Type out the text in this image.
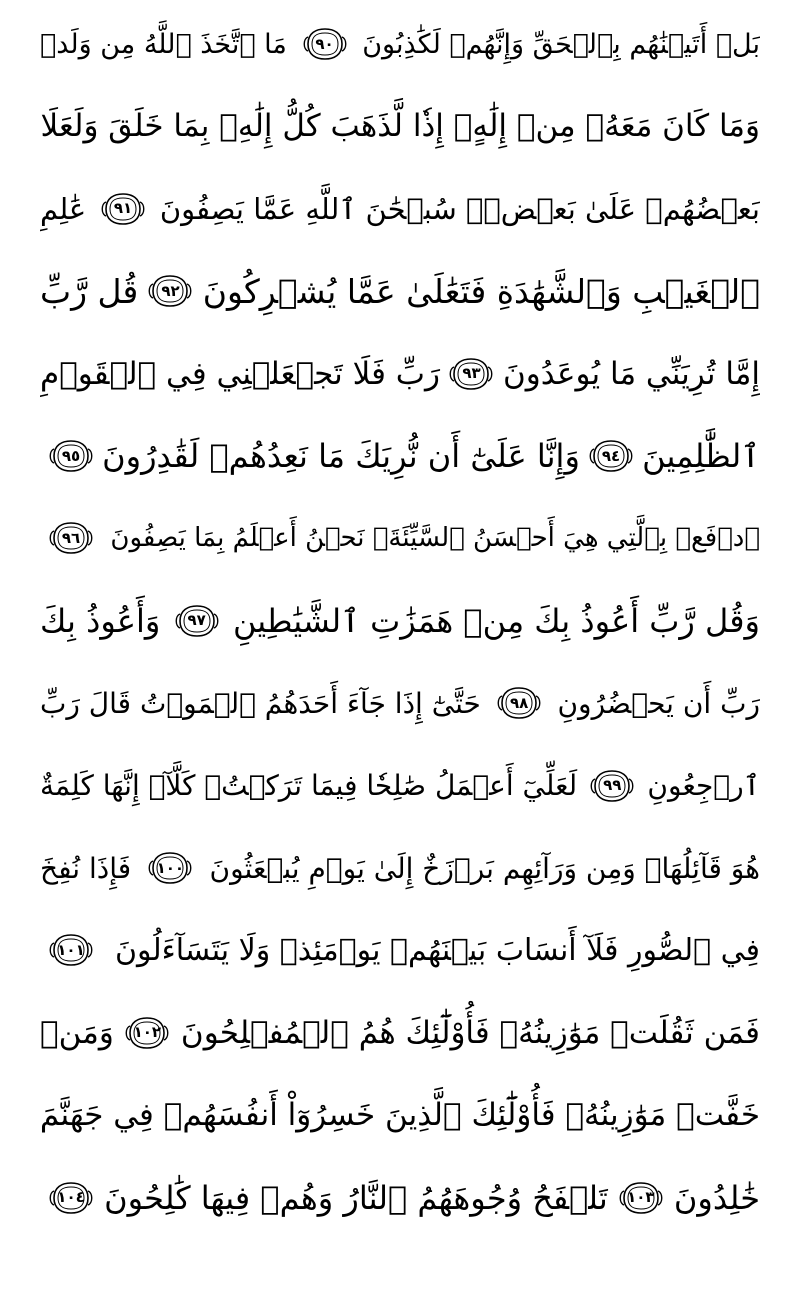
بَلۡ أَتَيۡنَٰهُم بِٱلۡحَقِّ وَإِنَّهُمۡ لَكَٰذِبُونَ
٩٠
مَا ٱتَّخَذَ ٱللَّهُ مِن وَلَدٖ
وَمَا كَانَ مَعَهُۥ مِنۡ إِلَٰهٍۚ إِذٗا لَّذَهَبَ كُلُّ إِلَٰهِۭ بِمَا خَلَقَ وَلَعَلَا
بَعۡضُهُمۡ عَلَىٰ بَعۡضٖۚ سُبۡحَٰنَ ٱللَّهِ عَمَّا يَصِفُونَ
٩١
عَٰلِمِ
ٱلۡغَيۡبِ وَٱلشَّهَٰدَةِ فَتَعَٰلَىٰ عَمَّا يُشۡرِكُونَ
٩٢
قُل رَّبِّ
إِمَّا تُرِيَنِّي مَا يُوعَدُونَ
٩٣
رَبِّ فَلَا تَجۡعَلۡنِي فِي ٱلۡقَوۡمِ
ٱلظَّٰلِمِينَ
٩٤
وَإِنَّا عَلَىٰٓ أَن نُّرِيَكَ مَا نَعِدُهُمۡ لَقَٰدِرُونَ
٩٥
ٱدۡفَعۡ بِٱلَّتِي هِيَ أَحۡسَنُ ٱلسَّيِّئَةَۚ نَحۡنُ أَعۡلَمُ بِمَا يَصِفُونَ
٩٦
وَقُل رَّبِّ أَعُوذُ بِكَ مِنۡ هَمَزَٰتِ ٱلشَّيَٰطِينِ
٩٧
وَأَعُوذُ بِكَ
رَبِّ أَن يَحۡضُرُونِ
٩٨
حَتَّىٰٓ إِذَا جَآءَ أَحَدَهُمُ ٱلۡمَوۡتُ قَالَ رَبِّ
ٱرۡجِعُونِ
٩٩
لَعَلِّيٓ أَعۡمَلُ صَٰلِحٗا فِيمَا تَرَكۡتُۚ كَلَّآۚ إِنَّهَا كَلِمَةٌ
هُوَ قَآئِلُهَاۖ وَمِن وَرَآئِهِم بَرۡزَخٌ إِلَىٰ يَوۡمِ يُبۡعَثُونَ
١٠٠
فَإِذَا نُفِخَ
فِي ٱلصُّورِ فَلَآ أَنسَابَ بَيۡنَهُمۡ يَوۡمَئِذٖ وَلَا يَتَسَآءَلُونَ
١٠١
فَمَن ثَقُلَتۡ مَوَٰزِينُهُۥ فَأُوْلَٰٓئِكَ هُمُ ٱلۡمُفۡلِحُونَ
١٠٢
وَمَنۡ
خَفَّتۡ مَوَٰزِينُهُۥ فَأُوْلَٰٓئِكَ ٱلَّذِينَ خَسِرُوٓاْ أَنفُسَهُمۡ فِي جَهَنَّمَ
خَٰلِدُونَ
١٠٣
تَلۡفَحُ وُجُوهَهُمُ ٱلنَّارُ وَهُمۡ فِيهَا كَٰلِحُونَ
١٠٤
